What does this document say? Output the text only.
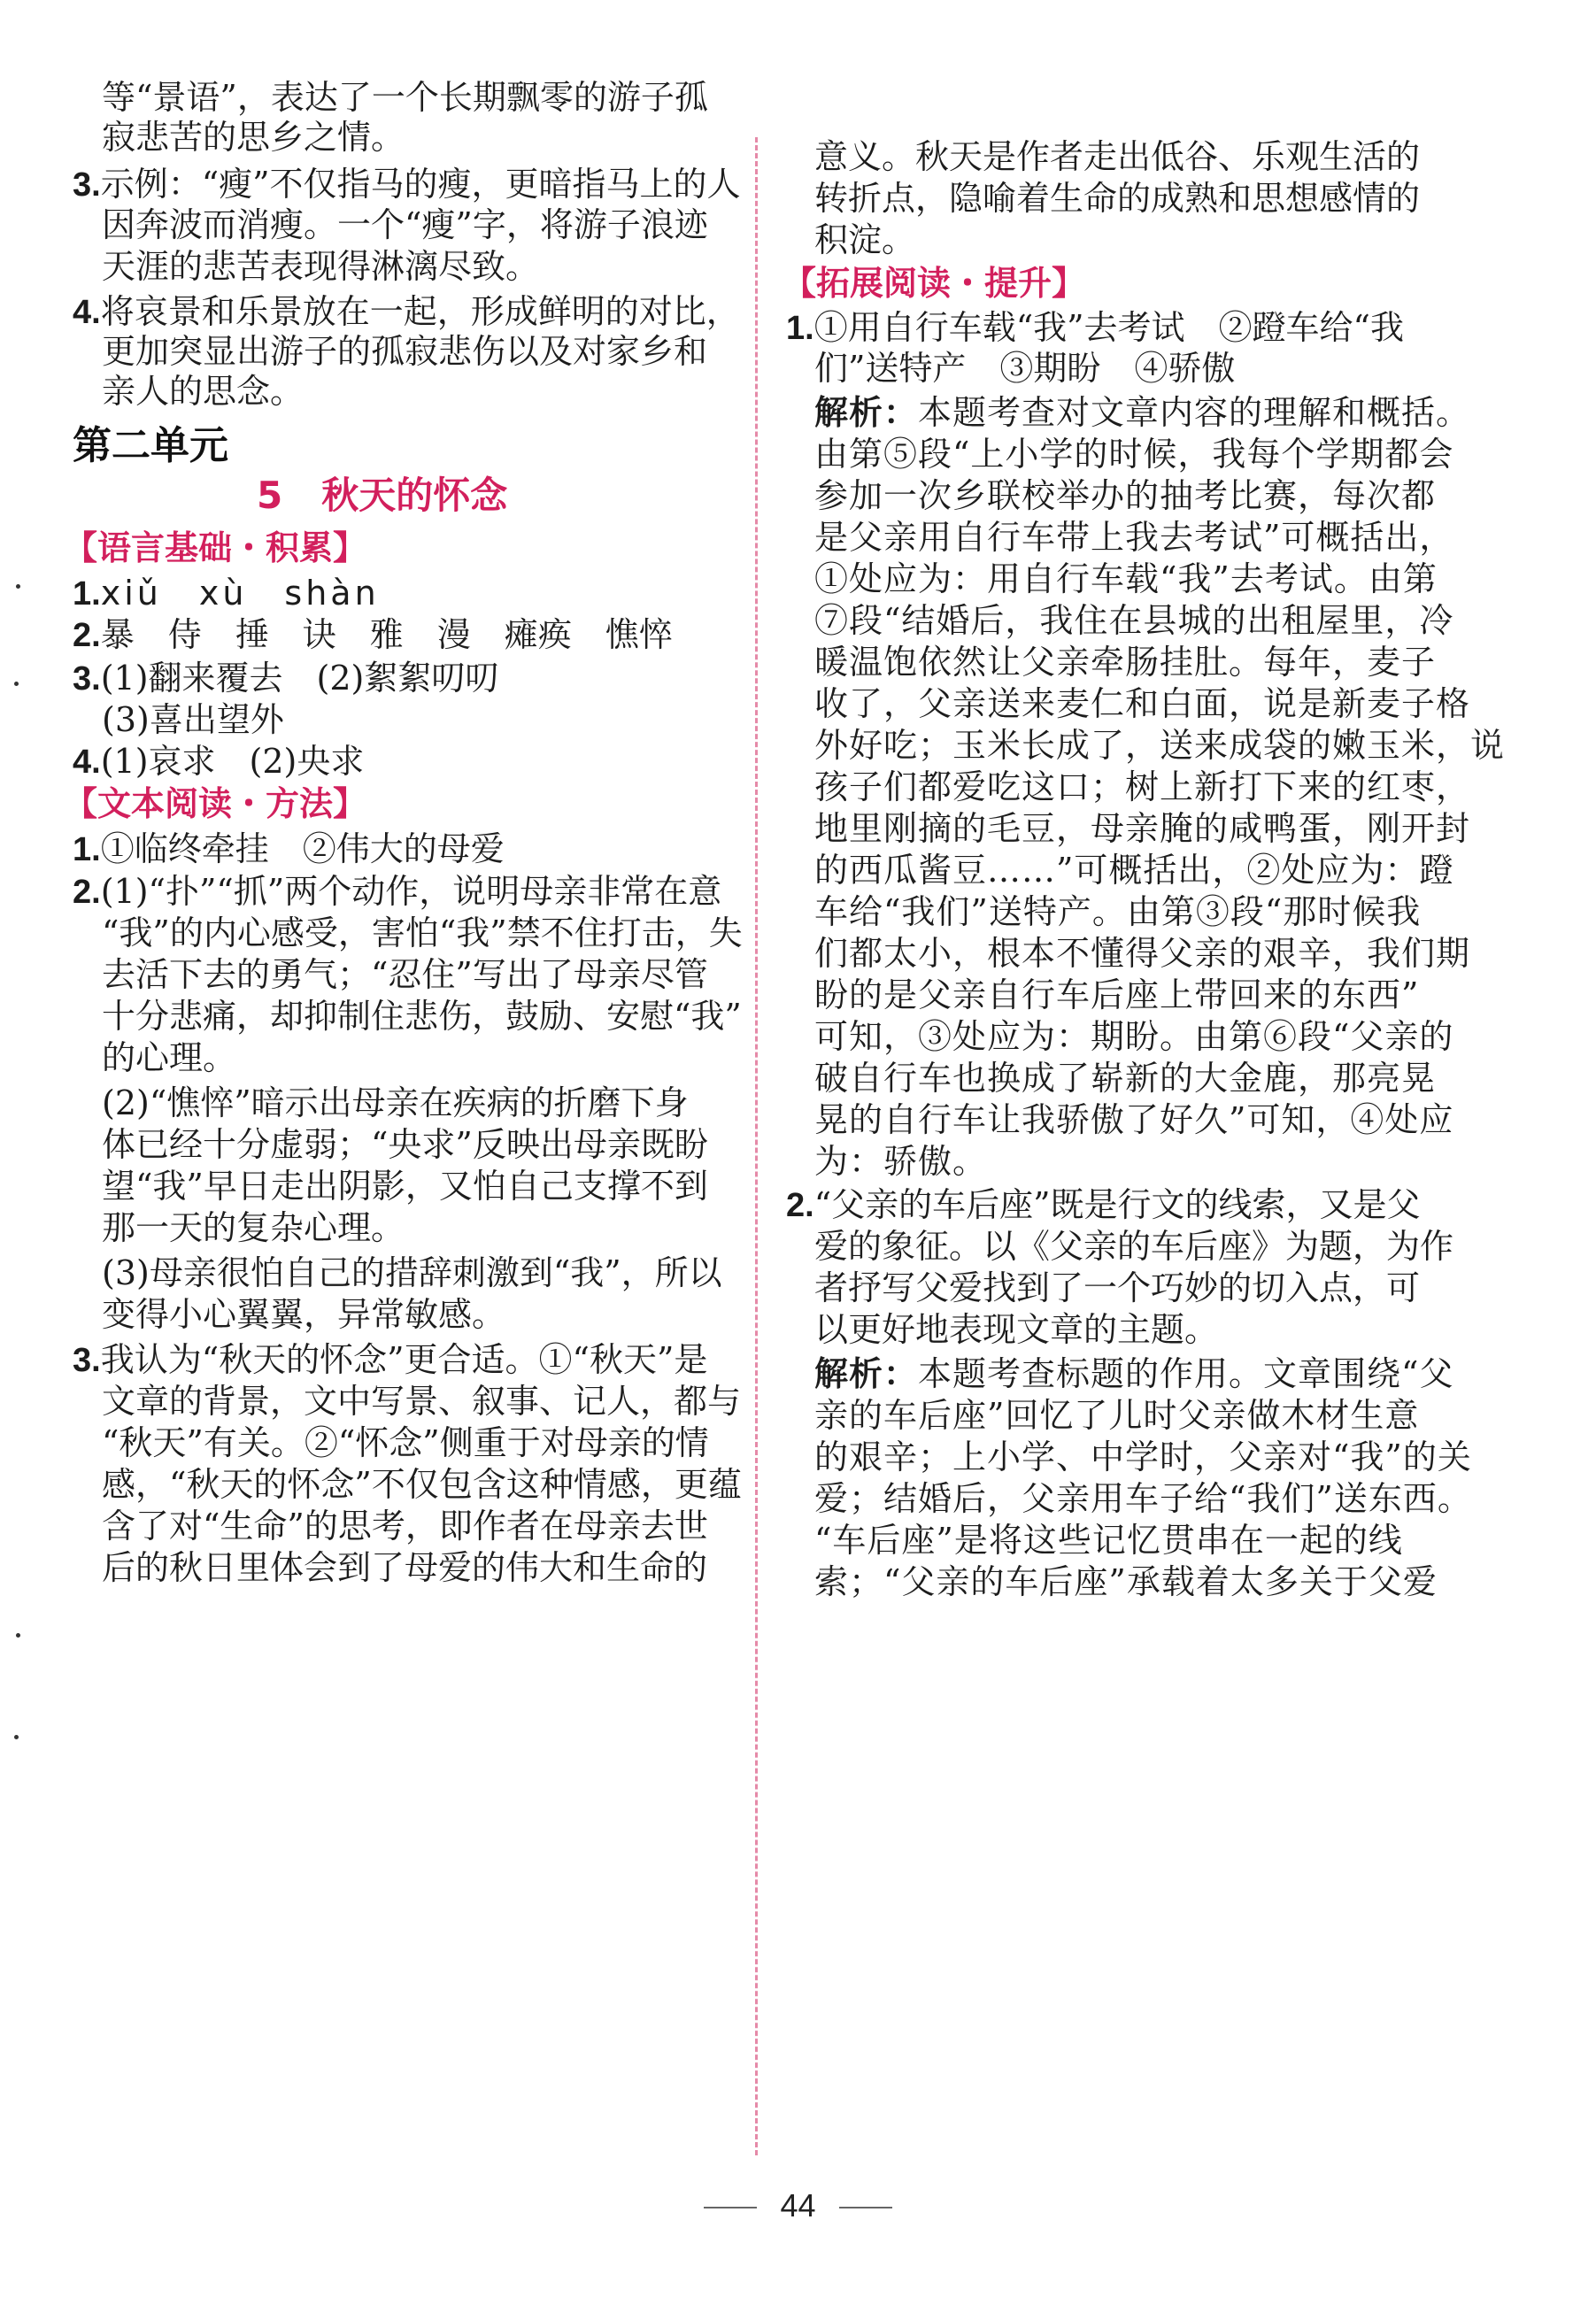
等“景语”，表达了一个长期飘零的游子孤
寂悲苦的思乡之情。
3.示例：“瘦”不仅指马的瘦，更暗指马上的人
因奔波而消瘦。一个“瘦”字，将游子浪迹
天涯的悲苦表现得淋漓尽致。
4.将哀景和乐景放在一起，形成鲜明的对比，
更加突显出游子的孤寂悲伤以及对家乡和
亲人的思念。
第二单元
5 秋天的怀念
【语言基础・积累】
1.xiǔ　xù　shàn
2.暴　侍　捶　诀　雅　漫　瘫痪　憔悴
3.(1)翻来覆去　(2)絮絮叨叨
(3)喜出望外
4.(1)哀求　(2)央求
【文本阅读・方法】
1.①临终牵挂　②伟大的母爱
2.(1)“扑”“抓”两个动作，说明母亲非常在意
“我”的内心感受，害怕“我”禁不住打击，失
去活下去的勇气；“忍住”写出了母亲尽管
十分悲痛，却抑制住悲伤，鼓励、安慰“我”
的心理。
(2)“憔悴”暗示出母亲在疾病的折磨下身
体已经十分虚弱；“央求”反映出母亲既盼
望“我”早日走出阴影，又怕自己支撑不到
那一天的复杂心理。
(3)母亲很怕自己的措辞刺激到“我”，所以
变得小心翼翼，异常敏感。
3.我认为“秋天的怀念”更合适。①“秋天”是
文章的背景，文中写景、叙事、记人，都与
“秋天”有关。②“怀念”侧重于对母亲的情
感，“秋天的怀念”不仅包含这种情感，更蕴
含了对“生命”的思考，即作者在母亲去世
后的秋日里体会到了母爱的伟大和生命的
意义。秋天是作者走出低谷、乐观生活的
转折点，隐喻着生命的成熟和思想感情的
积淀。
【拓展阅读・提升】
1.①用自行车载“我”去考试　②蹬车给“我
们”送特产　③期盼　④骄傲
解析：本题考查对文章内容的理解和概括。
由第⑤段“上小学的时候，我每个学期都会
参加一次乡联校举办的抽考比赛，每次都
是父亲用自行车带上我去考试”可概括出，
①处应为：用自行车载“我”去考试。由第
⑦段“结婚后，我住在县城的出租屋里，冷
暖温饱依然让父亲牵肠挂肚。每年，麦子
收了，父亲送来麦仁和白面，说是新麦子格
外好吃；玉米长成了，送来成袋的嫩玉米，说
孩子们都爱吃这口；树上新打下来的红枣，
地里刚摘的毛豆，母亲腌的咸鸭蛋，刚开封
的西瓜酱豆……”可概括出，②处应为：蹬
车给“我们”送特产。由第③段“那时候我
们都太小，根本不懂得父亲的艰辛，我们期
盼的是父亲自行车后座上带回来的东西”
可知，③处应为：期盼。由第⑥段“父亲的
破自行车也换成了崭新的大金鹿，那亮晃
晃的自行车让我骄傲了好久”可知，④处应
为：骄傲。
2.“父亲的车后座”既是行文的线索，又是父
爱的象征。以《父亲的车后座》为题，为作
者抒写父爱找到了一个巧妙的切入点，可
以更好地表现文章的主题。
解析：本题考查标题的作用。文章围绕“父
亲的车后座”回忆了儿时父亲做木材生意
的艰辛；上小学、中学时，父亲对“我”的关
爱；结婚后，父亲用车子给“我们”送东西。
“车后座”是将这些记忆贯串在一起的线
索；“父亲的车后座”承载着太多关于父爱
44
